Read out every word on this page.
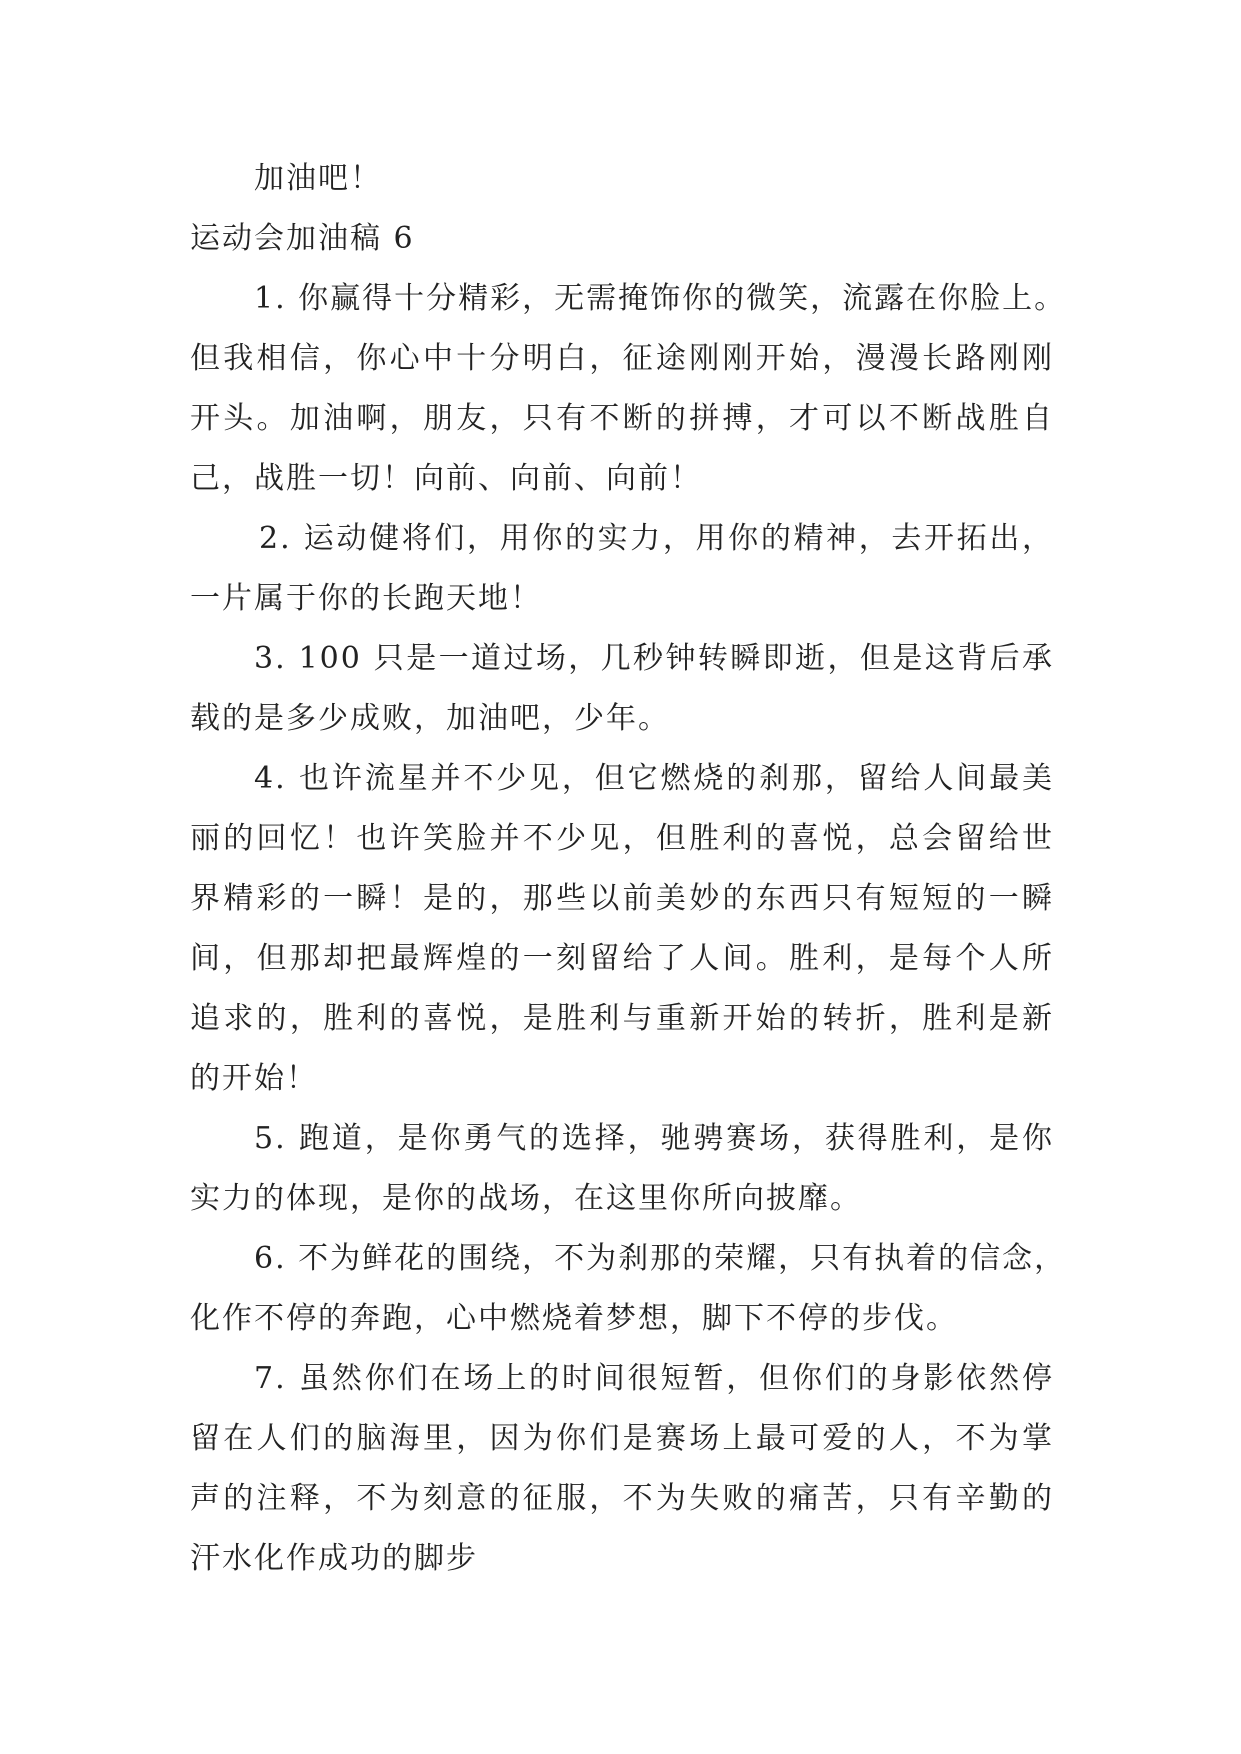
加油吧！
运动会加油稿 6
1. 你赢得十分精彩，无需掩饰你的微笑，流露在你脸上。
但我相信，你心中十分明白，征途刚刚开始，漫漫长路刚刚
开头。加油啊，朋友，只有不断的拼搏，才可以不断战胜自
己，战胜一切！向前、向前、向前！
2. 运动健将们，用你的实力，用你的精神，去开拓出，
一片属于你的长跑天地！
3. 100 只是一道过场，几秒钟转瞬即逝，但是这背后承
载的是多少成败，加油吧，少年。
4. 也许流星并不少见，但它燃烧的刹那，留给人间最美
丽的回忆！也许笑脸并不少见，但胜利的喜悦，总会留给世
界精彩的一瞬！是的，那些以前美妙的东西只有短短的一瞬
间，但那却把最辉煌的一刻留给了人间。胜利，是每个人所
追求的，胜利的喜悦，是胜利与重新开始的转折，胜利是新
的开始！
5. 跑道，是你勇气的选择，驰骋赛场，获得胜利，是你
实力的体现，是你的战场，在这里你所向披靡。
6. 不为鲜花的围绕，不为刹那的荣耀，只有执着的信念，
化作不停的奔跑，心中燃烧着梦想，脚下不停的步伐。
7. 虽然你们在场上的时间很短暂，但你们的身影依然停
留在人们的脑海里，因为你们是赛场上最可爱的人，不为掌
声的注释，不为刻意的征服，不为失败的痛苦，只有辛勤的
汗水化作成功的脚步
